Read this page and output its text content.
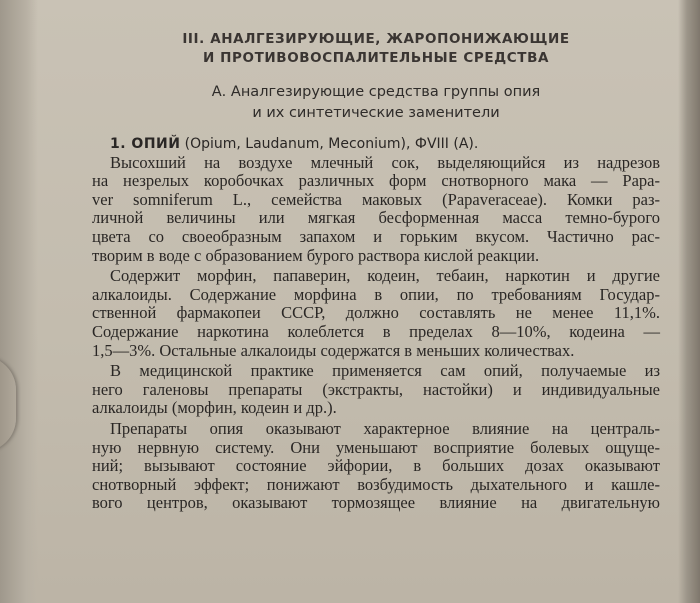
III. АНАЛГЕЗИРУЮЩИЕ, ЖАРОПОНИЖАЮЩИЕ
И ПРОТИВОВОСПАЛИТЕЛЬНЫЕ СРЕДСТВА
А. Аналгезирующие средства группы опия
и их синтетические заменители
1. ОПИЙ (Opium, Laudanum, Meconium), ФVIII (А).
Высохший на воздухе млечный сок, выделяющийся из надрезов
на незрелых коробочках различных форм снотворного мака — Papa-
ver somniferum L., семейства маковых (Papaveraceae). Комки раз-
личной величины или мягкая бесформенная масса темно-бурого
цвета со своеобразным запахом и горьким вкусом. Частично рас-
творим в воде с образованием бурого раствора кислой реакции.
Содержит морфин, папаверин, кодеин, тебаин, наркотин и другие
алкалоиды. Содержание морфина в опии, по требованиям Государ-
ственной фармакопеи СССР, должно составлять не менее 11,1%.
Содержание наркотина колеблется в пределах 8—10%, кодеина —
1,5—3%. Остальные алкалоиды содержатся в меньших количествах.
В медицинской практике применяется сам опий, получаемые из
него галеновы препараты (экстракты, настойки) и индивидуальные
алкалоиды (морфин, кодеин и др.).
Препараты опия оказывают характерное влияние на централь-
ную нервную систему. Они уменьшают восприятие болевых ощуще-
ний; вызывают состояние эйфории, в больших дозах оказывают
снотворный эффект; понижают возбудимость дыхательного и кашле-
вого центров, оказывают тормозящее влияние на двигательную
